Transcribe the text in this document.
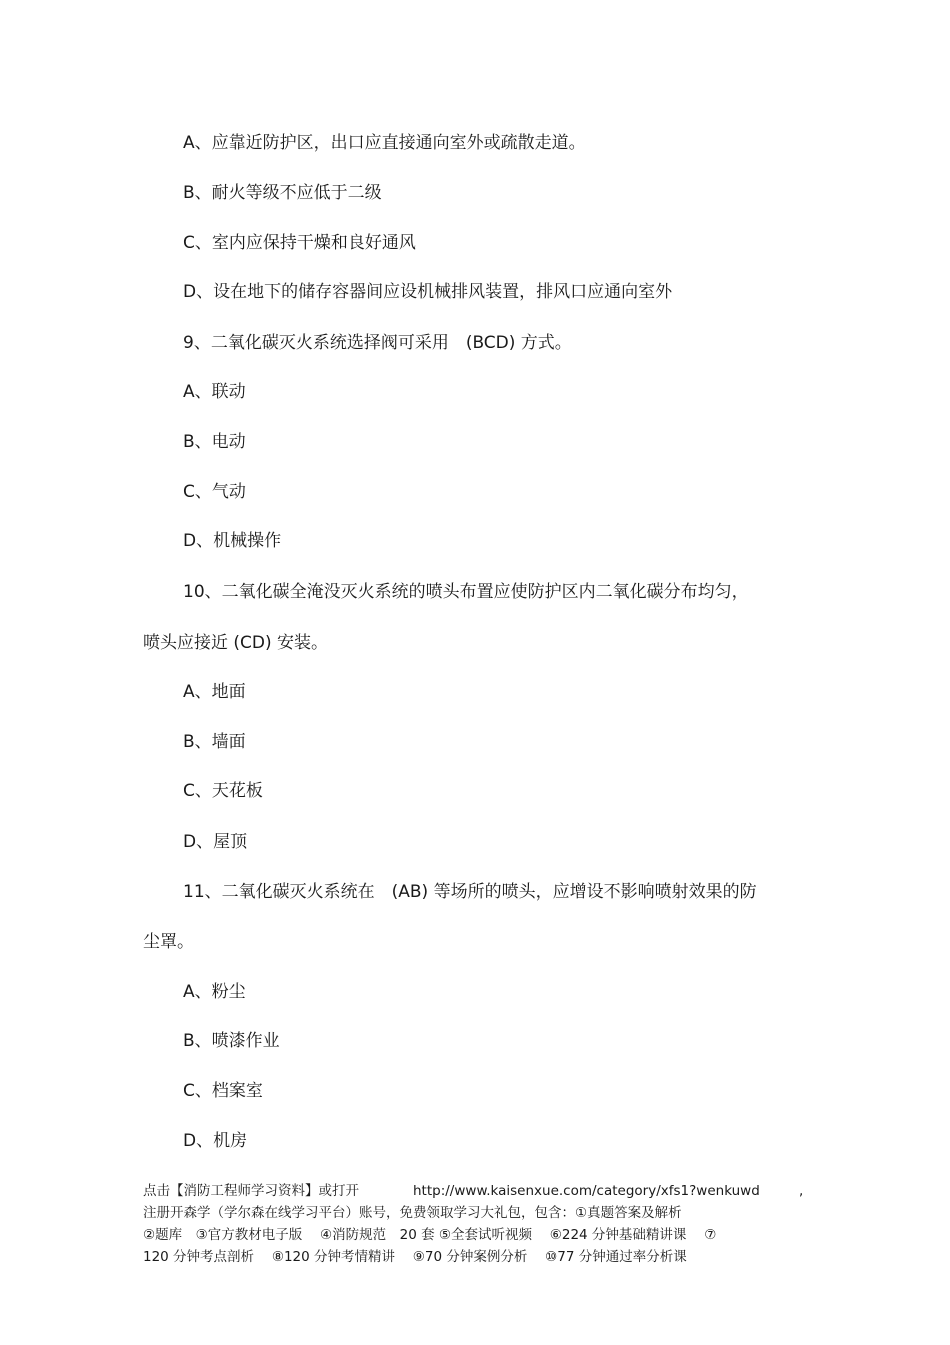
A、应靠近防护区，出口应直接通向室外或疏散走道。
B、耐火等级不应低于二级
C、室内应保持干燥和良好通风
D、设在地下的储存容器间应设机械排风装置，排风口应通向室外
9、二氧化碳灭火系统选择阀可采用　(BCD) 方式。
A、联动
B、电动
C、气动
D、机械操作
10、二氧化碳全淹没灭火系统的喷头布置应使防护区内二氧化碳分布均匀，
喷头应接近 (CD) 安装。
A、地面
B、墙面
C、天花板
D、屋顶
11、二氧化碳灭火系统在　(AB) 等场所的喷头，应增设不影响喷射效果的防
尘罩。
A、粉尘
B、喷漆作业
C、档案室
D、机房
点击【消防工程师学习资料】或打开	http://www.kaisenxue.com/category/xfs1?wenkuwd	,
注册开森学（学尔森在线学习平台）账号，免费领取学习大礼包，包含：①真题答案及解析
②题库　③官方教材电子版　 ④消防规范　20 套 ⑤全套试听视频　 ⑥224 分钟基础精讲课　 ⑦
120 分钟考点剖析　 ⑧120 分钟考情精讲　 ⑨70 分钟案例分析　 ⑩77 分钟通过率分析课
